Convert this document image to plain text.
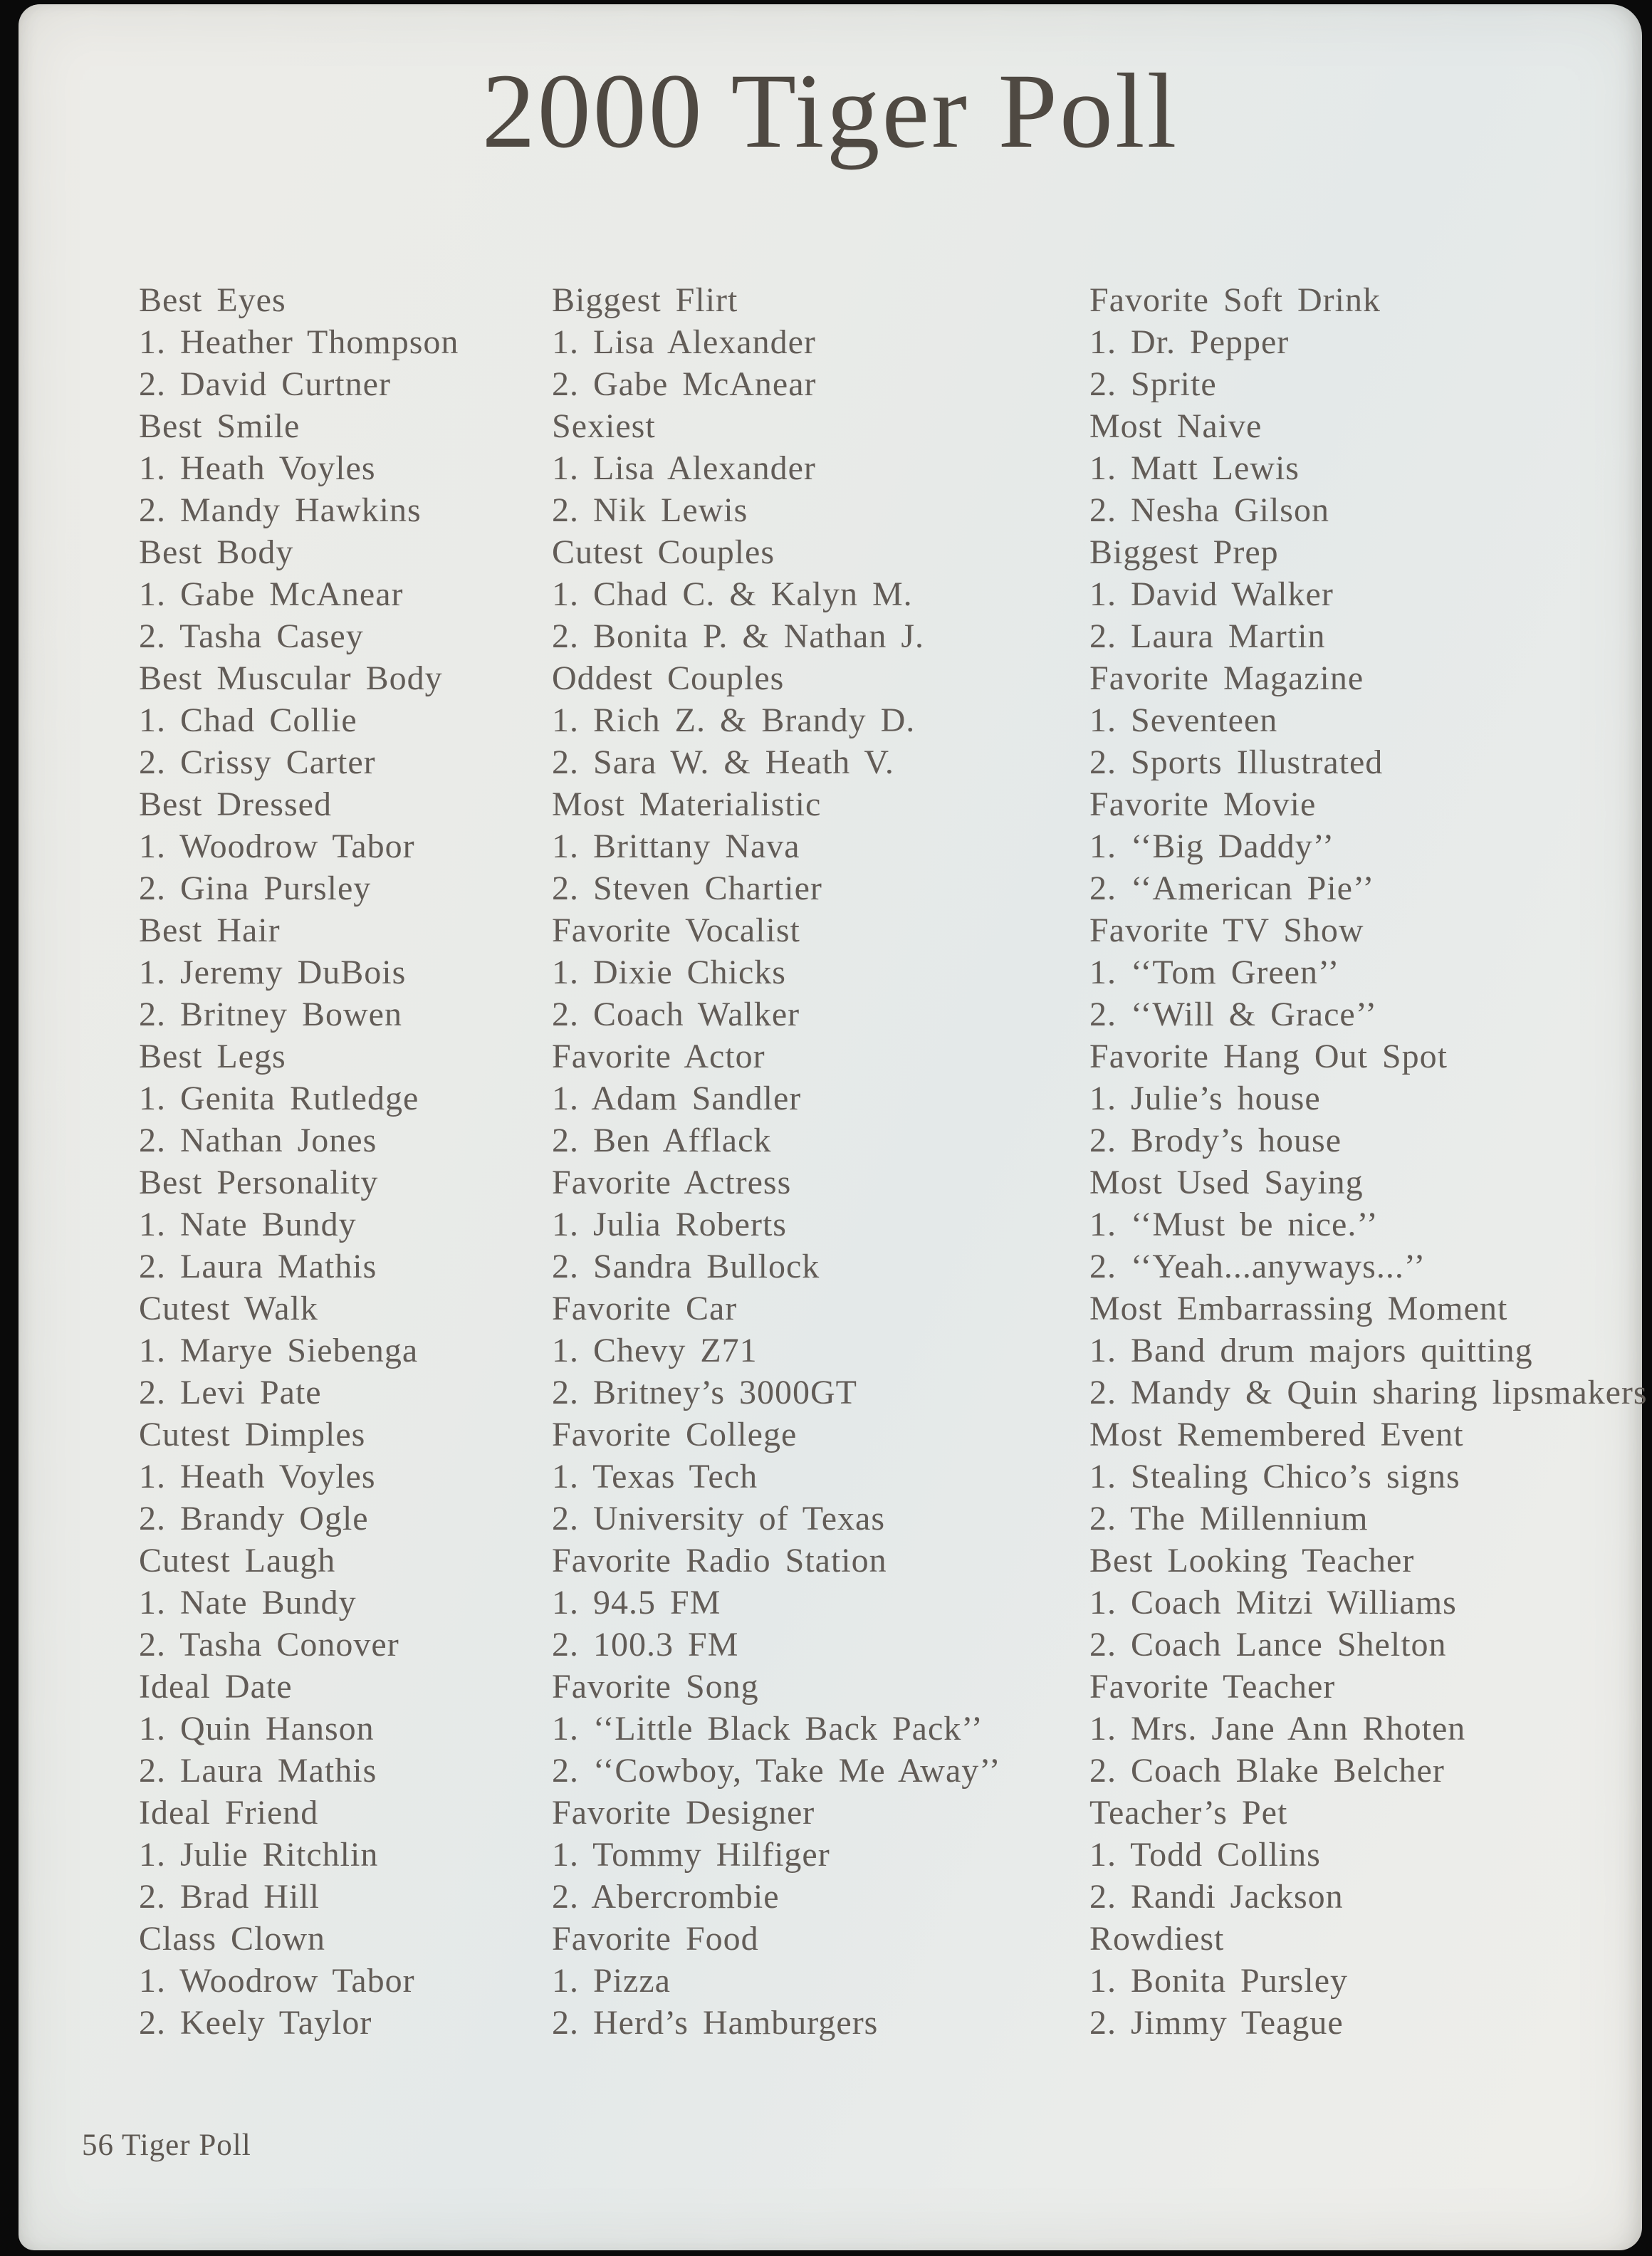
2000 Tiger Poll
Best Eyes
1. Heather Thompson
2. David Curtner
Best Smile
1. Heath Voyles
2. Mandy Hawkins
Best Body
1. Gabe McAnear
2. Tasha Casey
Best Muscular Body
1. Chad Collie
2. Crissy Carter
Best Dressed
1. Woodrow Tabor
2. Gina Pursley
Best Hair
1. Jeremy DuBois
2. Britney Bowen
Best Legs
1. Genita Rutledge
2. Nathan Jones
Best Personality
1. Nate Bundy
2. Laura Mathis
Cutest Walk
1. Marye Siebenga
2. Levi Pate
Cutest Dimples
1. Heath Voyles
2. Brandy Ogle
Cutest Laugh
1. Nate Bundy
2. Tasha Conover
Ideal Date
1. Quin Hanson
2. Laura Mathis
Ideal Friend
1. Julie Ritchlin
2. Brad Hill
Class Clown
1. Woodrow Tabor
2. Keely Taylor
Biggest Flirt
1. Lisa Alexander
2. Gabe McAnear
Sexiest
1. Lisa Alexander
2. Nik Lewis
Cutest Couples
1. Chad C. & Kalyn M.
2. Bonita P. & Nathan J.
Oddest Couples
1. Rich Z. & Brandy D.
2. Sara W. & Heath V.
Most Materialistic
1. Brittany Nava
2. Steven Chartier
Favorite Vocalist
1. Dixie Chicks
2. Coach Walker
Favorite Actor
1. Adam Sandler
2. Ben Afflack
Favorite Actress
1. Julia Roberts
2. Sandra Bullock
Favorite Car
1. Chevy Z71
2. Britney’s 3000GT
Favorite College
1. Texas Tech
2. University of Texas
Favorite Radio Station
1. 94.5 FM
2. 100.3 FM
Favorite Song
1. ‘‘Little Black Back Pack’’
2. ‘‘Cowboy, Take Me Away’’
Favorite Designer
1. Tommy Hilfiger
2. Abercrombie
Favorite Food
1. Pizza
2. Herd’s Hamburgers
Favorite Soft Drink
1. Dr. Pepper
2. Sprite
Most Naive
1. Matt Lewis
2. Nesha Gilson
Biggest Prep
1. David Walker
2. Laura Martin
Favorite Magazine
1. Seventeen
2. Sports Illustrated
Favorite Movie
1. ‘‘Big Daddy’’
2. ‘‘American Pie’’
Favorite TV Show
1. ‘‘Tom Green’’
2. ‘‘Will & Grace’’
Favorite Hang Out Spot
1. Julie’s house
2. Brody’s house
Most Used Saying
1. ‘‘Must be nice.’’
2. ‘‘Yeah...anyways...’’
Most Embarrassing Moment
1. Band drum majors quitting
2. Mandy & Quin sharing lipsmakers
Most Remembered Event
1. Stealing Chico’s signs
2. The Millennium
Best Looking Teacher
1. Coach Mitzi Williams
2. Coach Lance Shelton
Favorite Teacher
1. Mrs. Jane Ann Rhoten
2. Coach Blake Belcher
Teacher’s Pet
1. Todd Collins
2. Randi Jackson
Rowdiest
1. Bonita Pursley
2. Jimmy Teague
56 Tiger Poll
